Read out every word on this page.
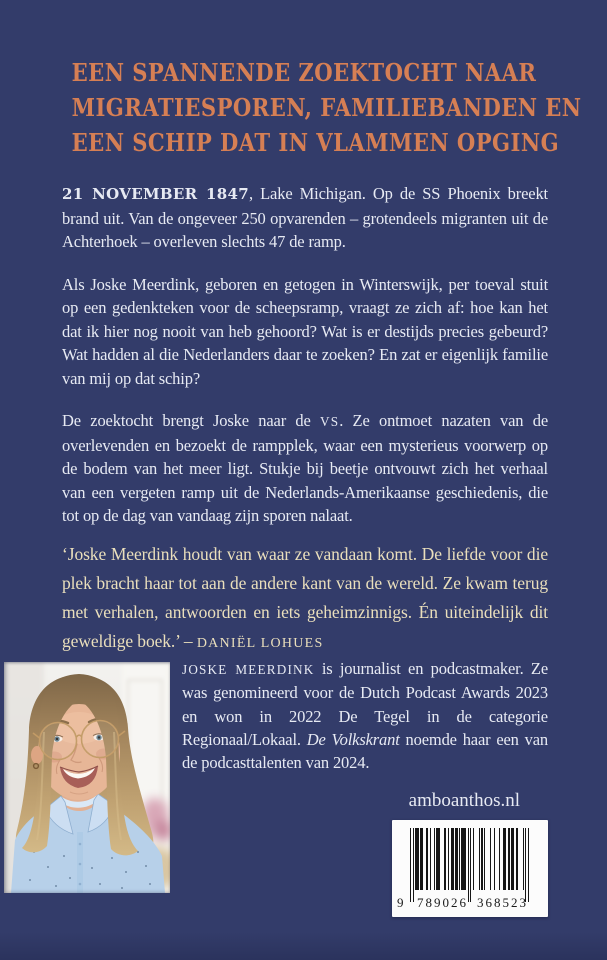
EEN SPANNENDE ZOEKTOCHT NAAR
MIGRATIESPOREN, FAMILIEBANDEN EN
EEN SCHIP DAT IN VLAMMEN OPGING

21 NOVEMBER 1847, Lake Michigan. Op de SS Phoenix breekt brand uit. Van de ongeveer 250 opvarenden – grotendeels migranten uit de Achterhoek – overleven slechts 47 de ramp.

Als Joske Meerdink, geboren en getogen in Winterswijk, per toeval stuit op een gedenkteken voor de scheepsramp, vraagt ze zich af: hoe kan het dat ik hier nog nooit van heb gehoord? Wat is er destijds precies gebeurd? Wat hadden al die Nederlanders daar te zoeken? En zat er eigenlijk familie van mij op dat schip?

De zoektocht brengt Joske naar de VS. Ze ontmoet nazaten van de overlevenden en bezoekt de rampplek, waar een mysterieus voorwerp op de bodem van het meer ligt. Stukje bij beetje ontvouwt zich het verhaal van een vergeten ramp uit de Nederlands-Amerikaanse geschiedenis, die tot op de dag van vandaag zijn sporen nalaat.

‘Joske Meerdink houdt van waar ze vandaan komt. De liefde voor die plek bracht haar tot aan de andere kant van de wereld. Ze kwam terug met verhalen, antwoorden en iets geheimzinnigs. Én uiteindelijk dit geweldige boek.’ – DANIËL LOHUES
JOSKE MEERDINK is journalist en podcastmaker. Ze was genomineerd voor de Dutch Podcast Awards 2023 en won in 2022 De Tegel in de categorie Regionaal/Lokaal. De Volkskrant noemde haar een van de podcasttalenten van 2024.
amboanthos.nl
9 789026 368523
